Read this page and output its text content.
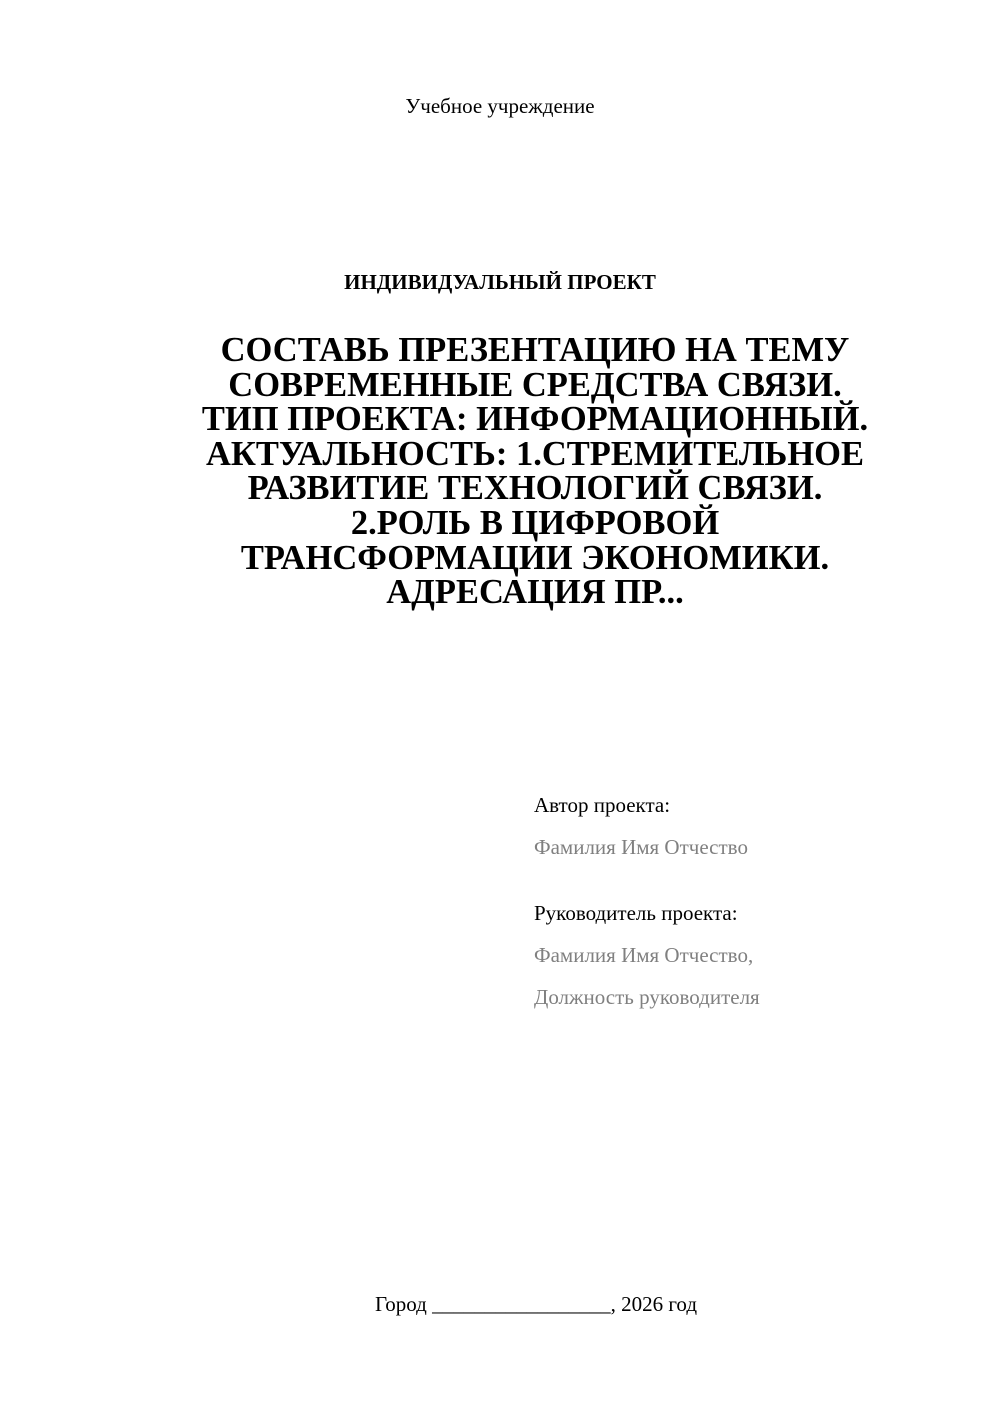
Учебное учреждение

ИНДИВИДУАЛЬНЫЙ ПРОЕКТ

СОСТАВЬ ПРЕЗЕНТАЦИЮ НА ТЕМУ
СОВРЕМЕННЫЕ СРЕДСТВА СВЯЗИ.
ТИП ПРОЕКТА: ИНФОРМАЦИОННЫЙ.
АКТУАЛЬНОСТЬ: 1.СТРЕМИТЕЛЬНОЕ
РАЗВИТИЕ ТЕХНОЛОГИЙ СВЯЗИ.
2.РОЛЬ В ЦИФРОВОЙ
ТРАНСФОРМАЦИИ ЭКОНОМИКИ.
АДРЕСАЦИЯ ПР...
Автор проекта:
Фамилия Имя Отчество
Руководитель проекта:
Фамилия Имя Отчество,
Должность руководителя

Город _________________, 2026 год
